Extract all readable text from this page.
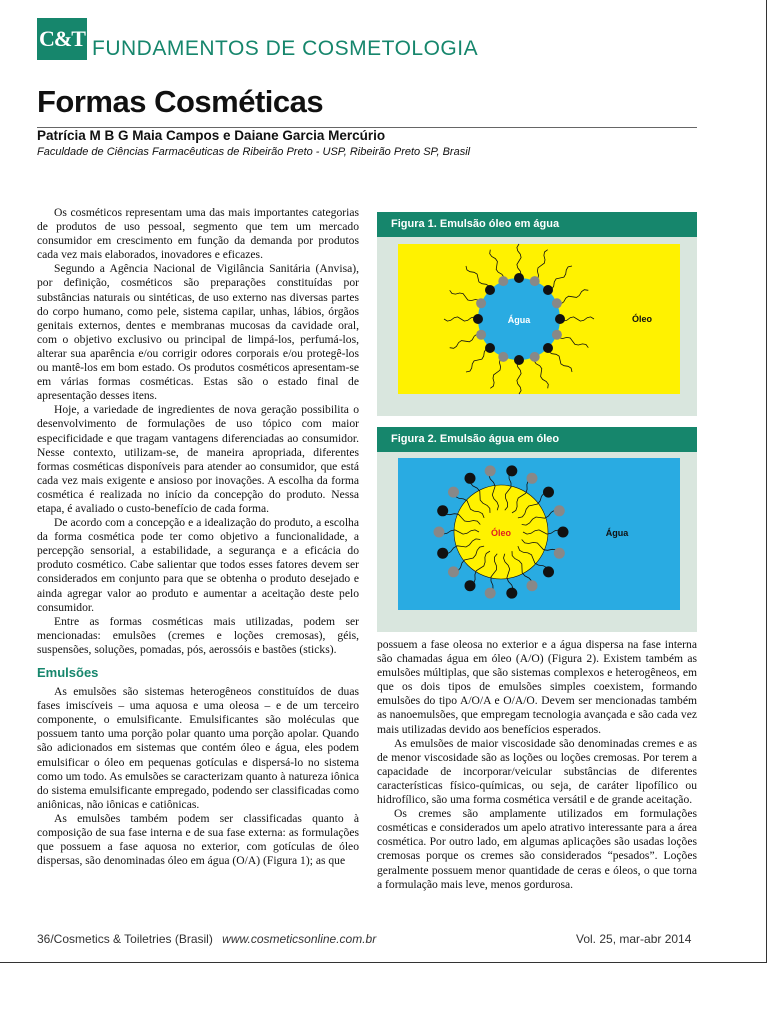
C&T FUNDAMENTOS DE COSMETOLOGIA
Formas Cosméticas
Patrícia M B G Maia Campos e Daiane Garcia Mercúrio
Faculdade de Ciências Farmacêuticas de Ribeirão Preto - USP, Ribeirão Preto SP, Brasil

Os cosméticos representam uma das mais importantes categorias de produtos de uso pessoal, segmento que tem um mercado consumidor em crescimento em função da demanda por produtos cada vez mais elaborados, inovadores e eficazes.

Segundo a Agência Nacional de Vigilância Sanitária (Anvisa), por definição, cosméticos são preparações constituídas por substâncias naturais ou sintéticas, de uso externo nas diversas partes do corpo humano, como pele, sistema capilar, unhas, lábios, órgãos genitais externos, dentes e membranas mucosas da cavidade oral, com o objetivo exclusivo ou principal de limpá-los, perfumá-los, alterar sua aparência e/ou corrigir odores corporais e/ou protegê-los ou mantê-los em bom estado. Os produtos cosméticos apresentam-se em várias formas cosméticas. Estas são o estado final de apresentação desses itens.

Hoje, a variedade de ingredientes de nova geração possibilita o desenvolvimento de formulações de uso tópico com maior especificidade e que tragam vantagens diferenciadas ao consumidor. Nesse contexto, utilizam-se, de maneira apropriada, diferentes formas cosméticas disponíveis para atender ao consumidor, que está cada vez mais exigente e ansioso por inovações. A escolha da forma cosmética é realizada no início da concepção do produto. Nessa etapa, é avaliado o custo-benefício de cada forma.

De acordo com a concepção e a idealização do produto, a escolha da forma cosmética pode ter como objetivo a funcionalidade, a percepção sensorial, a estabilidade, a segurança e a eficácia do produto cosmético. Cabe salientar que todos esses fatores devem ser considerados em conjunto para que se obtenha o produto desejado e ainda agregar valor ao produto e aumentar a aceitação deste pelo consumidor.

Entre as formas cosméticas mais utilizadas, podem ser mencionadas: emulsões (cremes e loções cremosas), géis, suspensões, soluções, pomadas, pós, aerossóis e bastões (sticks).

Emulsões

As emulsões são sistemas heterogêneos constituídos de duas fases imiscíveis – uma aquosa e uma oleosa – e de um terceiro componente, o emulsificante. Emulsificantes são moléculas que possuem tanto uma porção polar quanto uma porção apolar. Quando são adicionados em sistemas que contém óleo e água, eles podem emulsificar o óleo em pequenas gotículas e dispersá-lo no sistema como um todo. As emulsões se caracterizam quanto à natureza iônica do sistema emulsificante empregado, podendo ser classificadas como aniônicas, não iônicas e catiônicas.

As emulsões também podem ser classificadas quanto à composição de sua fase interna e de sua fase externa: as formulações que possuem a fase aquosa no exterior, com gotículas de óleo dispersas, são denominadas óleo em água (O/A) (Figura 1); as que

Figura 1. Emulsão óleo em água
Água	Óleo
Figura 2. Emulsão água em óleo
Óleo	Água

possuem a fase oleosa no exterior e a água dispersa na fase interna são chamadas água em óleo (A/O) (Figura 2). Existem também as emulsões múltiplas, que são sistemas complexos e heterogêneos, em que os dois tipos de emulsões simples coexistem, formando emulsões do tipo A/O/A e O/A/O. Devem ser mencionadas também as nanoemulsões, que empregam tecnologia avançada e são cada vez mais utilizadas devido aos benefícios esperados.

As emulsões de maior viscosidade são denominadas cremes e as de menor viscosidade são as loções ou loções cremosas. Por terem a capacidade de incorporar/veicular substâncias de diferentes características físico-químicas, ou seja, de caráter lipofílico ou hidrofílico, são uma forma cosmética versátil e de grande aceitação.

Os cremes são amplamente utilizados em formulações cosméticas e considerados um apelo atrativo interessante para a área cosmética. Por outro lado, em algumas aplicações são usadas loções cremosas porque os cremes são considerados “pesados”. Loções geralmente possuem menor quantidade de ceras e óleos, o que torna a formulação mais leve, menos gordurosa.

36/Cosmetics & Toiletries (Brasil) www.cosmeticsonline.com.br	Vol. 25, mar-abr 2014
